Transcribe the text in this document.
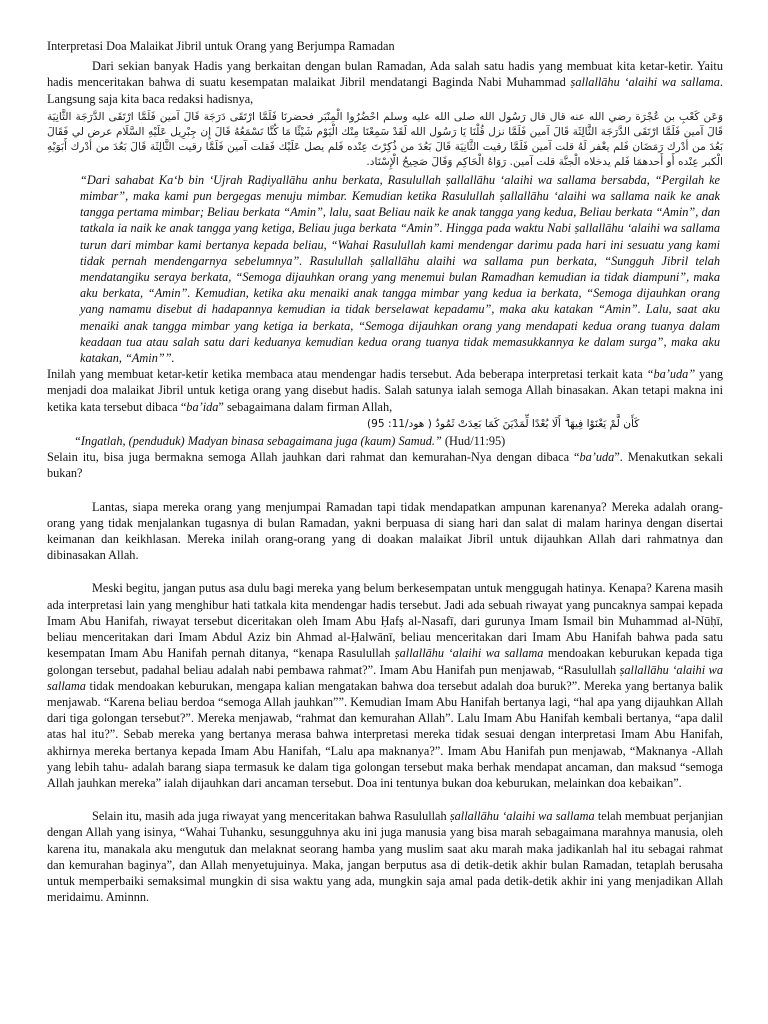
Interpretasi Doa Malaikat Jibril untuk Orang yang Berjumpa Ramadan

Dari sekian banyak Hadis yang berkaitan dengan bulan Ramadan, Ada salah satu hadis yang membuat kita ketar-ketir. Yaitu hadis menceritakan bahwa di suatu kesempatan malaikat Jibril mendatangi Baginda Nabi Muhammad ṣallallāhu ‘alaihi wa sallama. Langsung saja kita baca redaksi hadisnya,

وَعَن كَعْبِ بن عُجْرَة رضي الله عنه قال قال رَسُول الله صلى الله عليه وسلم احْضُرُوا الْمِنْبَر فحضرنَا فَلَمَّا ارْتَقَى دَرَجَة قَالَ آمين فَلَمَّا ارْتَقَى الدَّرَجَة الثَّانِيَة قَالَ آمين فَلَمَّا ارْتَقَى الدَّرَجَة الثَّالِثَة قَالَ آمين فَلَمَّا نزل قُلْنَا يَا رَسُول الله لَقَدْ سَمِعْنَا مِنْك الْيَوْم شَيْئًا مَا كُنَّا نَسْمَعُهُ قَالَ إِن جِبْرِيل عَلَيْهِ السَّلَام عرض لي فَقَالَ بَعُدَ من أدْرك رَمَضَان فَلم يغْفر لَهُ قلت آمين فَلَمَّا رقيت الثَّانِيَة قَالَ بَعُدَ من ذُكِرْتَ عِنْده فَلم يصل عَلَيْك فَقلت آمين فَلَمَّا رقيت الثَّالِثَة قَالَ بَعُدَ من أدْرك أَبَوَيْهِ الْكبر عِنْده أَو أَحدهمَا فَلم يدخلاه الْجنَّة قلت آمين. رَوَاهُ الْحَاكِم وَقَالَ صَحِيحُ الْإِسْنَاد.

“Dari sahabat Ka‘b bin ‘Ujrah Raḍiyallāhu anhu berkata, Rasulullah ṣallallāhu ‘alaihi wa sallama bersabda, “Pergilah ke mimbar”, maka kami pun bergegas menuju mimbar. Kemudian ketika Rasulullah ṣallallāhu ‘alaihi wa sallama naik ke anak tangga pertama mimbar; Beliau berkata “Amin”, lalu, saat Beliau naik ke anak tangga yang kedua, Beliau berkata “Amin”, dan tatkala ia naik ke anak tangga yang ketiga, Beliau juga berkata “Amin”. Hingga pada waktu Nabi ṣallallāhu ‘alaihi wa sallama turun dari mimbar kami bertanya kepada beliau, “Wahai Rasulullah kami mendengar darimu pada hari ini sesuatu yang kami tidak pernah mendengarnya sebelumnya”. Rasulullah ṣallallāhu alaihi wa sallama pun berkata, “Sungguh Jibril telah mendatangiku seraya berkata, “Semoga dijauhkan orang yang menemui bulan Ramadhan kemudian ia tidak diampuni”, maka aku berkata, “Amin”. Kemudian, ketika aku menaiki anak tangga mimbar yang kedua ia berkata, “Semoga dijauhkan orang yang namamu disebut di hadapannya kemudian ia tidak berselawat kepadamu”, maka aku katakan “Amin”. Lalu, saat aku menaiki anak tangga mimbar yang ketiga ia berkata, “Semoga dijauhkan orang yang mendapati kedua orang tuanya dalam keadaan tua atau salah satu dari keduanya kemudian kedua orang tuanya tidak memasukkannya ke dalam surga”, maka aku katakan, “Amin””.

Inilah yang membuat ketar-ketir ketika membaca atau mendengar hadis tersebut. Ada beberapa interpretasi terkait kata “ba’uda” yang menjadi doa malaikat Jibril untuk ketiga orang yang disebut hadis. Salah satunya ialah semoga Allah binasakan. Akan tetapi makna ini ketika kata tersebut dibaca “ba’ida” sebagaimana dalam firman Allah,

كَأَن لَّمْ يَغْنَوْا فِيهَا ۗ أَلَا بُعْدًا لِّمَدْيَنَ كَمَا بَعِدَتْ ثَمُودُ ( هود/11: 95)

“Ingatlah, (penduduk) Madyan binasa sebagaimana juga (kaum) Samud.” (Hud/11:95)

Selain itu, bisa juga bermakna semoga Allah jauhkan dari rahmat dan kemurahan-Nya dengan dibaca “ba’uda”. Menakutkan sekali bukan?

Lantas, siapa mereka orang yang menjumpai Ramadan tapi tidak mendapatkan ampunan karenanya? Mereka adalah orang-orang yang tidak menjalankan tugasnya di bulan Ramadan, yakni berpuasa di siang hari dan salat di malam harinya dengan disertai keimanan dan keikhlasan. Mereka inilah orang-orang yang di doakan malaikat Jibril untuk dijauhkan Allah dari rahmatnya dan dibinasakan Allah.

Meski begitu, jangan putus asa dulu bagi mereka yang belum berkesempatan untuk menggugah hatinya. Kenapa? Karena masih ada interpretasi lain yang menghibur hati tatkala kita mendengar hadis tersebut. Jadi ada sebuah riwayat yang puncaknya sampai kepada Imam Abu Hanifah, riwayat tersebut diceritakan oleh Imam Abu Ḥafṣ al-Nasafī, dari gurunya Imam Ismail bin Muhammad al-Nūḥī, beliau menceritakan dari Imam Abdul Aziz bin Ahmad al-Ḥalwānī, beliau menceritakan dari Imam Abu Hanifah bahwa pada satu kesempatan Imam Abu Hanifah pernah ditanya, “kenapa Rasulullah ṣallallāhu ‘alaihi wa sallama mendoakan keburukan kepada tiga golongan tersebut, padahal beliau adalah nabi pembawa rahmat?”. Imam Abu Hanifah pun menjawab, “Rasulullah ṣallallāhu ‘alaihi wa sallama tidak mendoakan keburukan, mengapa kalian mengatakan bahwa doa tersebut adalah doa buruk?”. Mereka yang bertanya balik menjawab. “Karena beliau berdoa “semoga Allah jauhkan””. Kemudian Imam Abu Hanifah bertanya lagi, “hal apa yang dijauhkan Allah dari tiga golongan tersebut?”. Mereka menjawab, “rahmat dan kemurahan Allah”. Lalu Imam Abu Hanifah kembali bertanya, “apa dalil atas hal itu?”. Sebab mereka yang bertanya merasa bahwa interpretasi mereka tidak sesuai dengan interpretasi Imam Abu Hanifah, akhirnya mereka bertanya kepada Imam Abu Hanifah, “Lalu apa maknanya?”. Imam Abu Hanifah pun menjawab, “Maknanya -Allah yang lebih tahu- adalah barang siapa termasuk ke dalam tiga golongan tersebut maka berhak mendapat ancaman, dan maksud “semoga Allah jauhkan mereka” ialah dijauhkan dari ancaman tersebut. Doa ini tentunya bukan doa keburukan, melainkan doa kebaikan”.

Selain itu, masih ada juga riwayat yang menceritakan bahwa Rasulullah ṣallallāhu ‘alaihi wa sallama telah membuat perjanjian dengan Allah yang isinya, “Wahai Tuhanku, sesungguhnya aku ini juga manusia yang bisa marah sebagaimana marahnya manusia, oleh karena itu, manakala aku mengutuk dan melaknat seorang hamba yang muslim saat aku marah maka jadikanlah hal itu sebagai rahmat dan kemurahan baginya”, dan Allah menyetujuinya. Maka, jangan berputus asa di detik-detik akhir bulan Ramadan, tetaplah berusaha untuk memperbaiki semaksimal mungkin di sisa waktu yang ada, mungkin saja amal pada detik-detik akhir ini yang menjadikan Allah meridaimu. Aminnn.
